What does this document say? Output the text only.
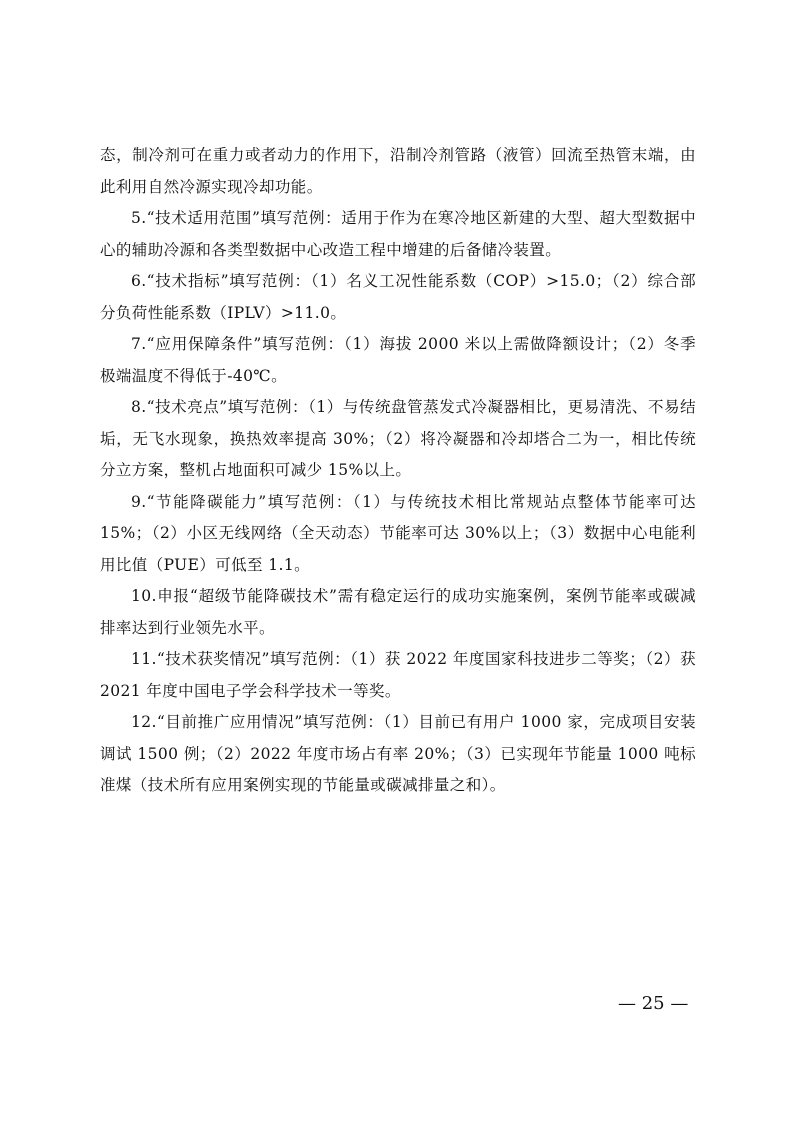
态，制冷剂可在重力或者动力的作用下，沿制冷剂管路（液管）回流至热管末端，由此利用自然冷源实现冷却功能。

5.“技术适用范围”填写范例：适用于作为在寒冷地区新建的大型、超大型数据中心的辅助冷源和各类型数据中心改造工程中增建的后备储冷装置。

6.“技术指标”填写范例：（1）名义工况性能系数（COP）>15.0；（2）综合部分负荷性能系数（IPLV）>11.0。

7.“应用保障条件”填写范例：（1）海拔 2000 米以上需做降额设计；（2）冬季极端温度不得低于-40℃。

8.“技术亮点”填写范例：（1）与传统盘管蒸发式冷凝器相比，更易清洗、不易结垢，无飞水现象，换热效率提高 30%；（2）将冷凝器和冷却塔合二为一，相比传统分立方案，整机占地面积可减少 15%以上。

9.“节能降碳能力”填写范例：（1）与传统技术相比常规站点整体节能率可达 15%；（2）小区无线网络（全天动态）节能率可达 30%以上；（3）数据中心电能利用比值（PUE）可低至 1.1。

10.申报“超级节能降碳技术”需有稳定运行的成功实施案例，案例节能率或碳减排率达到行业领先水平。

11.“技术获奖情况”填写范例：（1）获 2022 年度国家科技进步二等奖；（2）获 2021 年度中国电子学会科学技术一等奖。

12.“目前推广应用情况”填写范例：（1）目前已有用户 1000 家，完成项目安装调试 1500 例；（2）2022 年度市场占有率 20%；（3）已实现年节能量 1000 吨标准煤（技术所有应用案例实现的节能量或碳减排量之和）。

— 25 —
